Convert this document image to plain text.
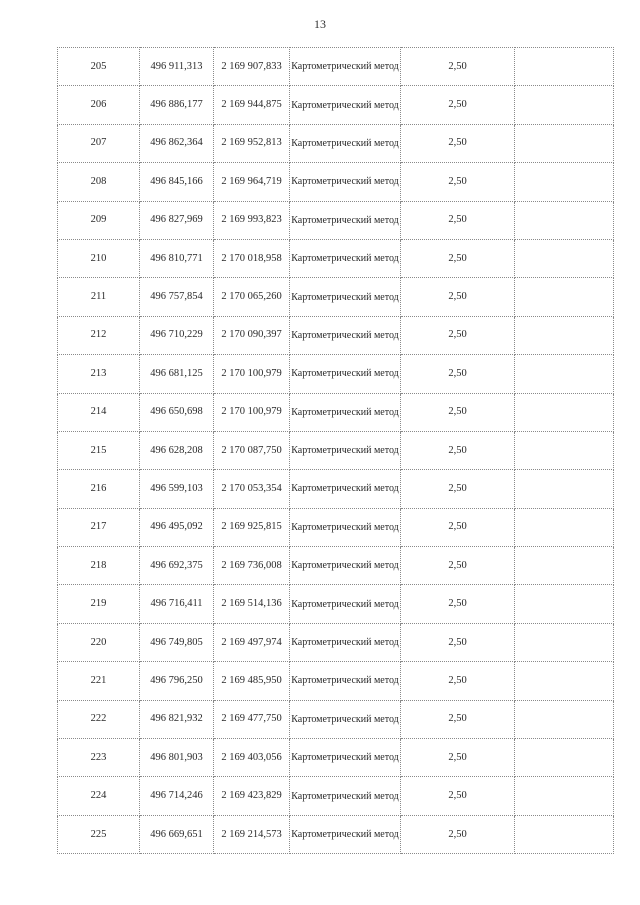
13
205	496 911,313	2 169 907,833	Картометрический метод	2,50	
206	496 886,177	2 169 944,875	Картометрический метод	2,50	
207	496 862,364	2 169 952,813	Картометрический метод	2,50	
208	496 845,166	2 169 964,719	Картометрический метод	2,50	
209	496 827,969	2 169 993,823	Картометрический метод	2,50	
210	496 810,771	2 170 018,958	Картометрический метод	2,50	
211	496 757,854	2 170 065,260	Картометрический метод	2,50	
212	496 710,229	2 170 090,397	Картометрический метод	2,50	
213	496 681,125	2 170 100,979	Картометрический метод	2,50	
214	496 650,698	2 170 100,979	Картометрический метод	2,50	
215	496 628,208	2 170 087,750	Картометрический метод	2,50	
216	496 599,103	2 170 053,354	Картометрический метод	2,50	
217	496 495,092	2 169 925,815	Картометрический метод	2,50	
218	496 692,375	2 169 736,008	Картометрический метод	2,50	
219	496 716,411	2 169 514,136	Картометрический метод	2,50	
220	496 749,805	2 169 497,974	Картометрический метод	2,50	
221	496 796,250	2 169 485,950	Картометрический метод	2,50	
222	496 821,932	2 169 477,750	Картометрический метод	2,50	
223	496 801,903	2 169 403,056	Картометрический метод	2,50	
224	496 714,246	2 169 423,829	Картометрический метод	2,50	
225	496 669,651	2 169 214,573	Картометрический метод	2,50	
